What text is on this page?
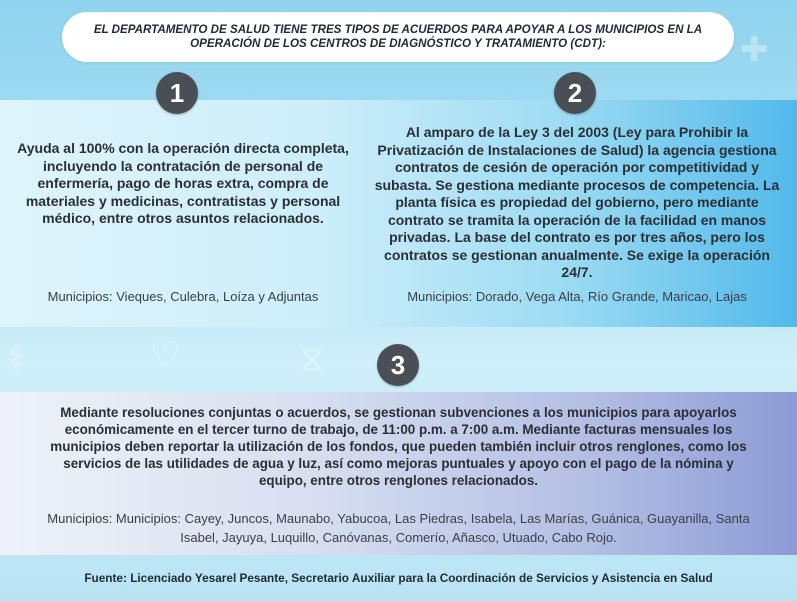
⚕	♡	⧖
✚
EL DEPARTAMENTO DE SALUD TIENE TRES TIPOS DE ACUERDOS PARA APOYAR A LOS MUNICIPIOS EN LA OPERACIÓN DE LOS CENTROS DE DIAGNÓSTICO Y TRATAMIENTO (CDT):
1
Ayuda al 100% con la operación directa completa, incluyendo la contratación de personal de enfermería, pago de horas extra, compra de materiales y medicinas, contratistas y personal médico, entre otros asuntos relacionados.
Municipios: Vieques, Culebra, Loíza y Adjuntas
2
Al amparo de la Ley 3 del 2003 (Ley para Prohibir la Privatización de Instalaciones de Salud) la agencia gestiona contratos de cesión de operación por competitividad y subasta. Se gestiona mediante procesos de competencia. La planta física es propiedad del gobierno, pero mediante contrato se tramita la operación de la facilidad en manos privadas. La base del contrato es por tres años, pero los contratos se gestionan anualmente. Se exige la operación 24/7.
Municipios: Dorado, Vega Alta, Río Grande, Maricao, Lajas
3
Mediante resoluciones conjuntas o acuerdos, se gestionan subvenciones a los municipios para apoyarlos económicamente en el tercer turno de trabajo, de 11:00 p.m. a 7:00 a.m. Mediante facturas mensuales los municipios deben reportar la utilización de los fondos, que pueden también incluir otros renglones, como los servicios de las utilidades de agua y luz, así como mejoras puntuales y apoyo con el pago de la nómina y equipo, entre otros renglones relacionados.
Municipios: Municipios: Cayey, Juncos, Maunabo, Yabucoa, Las Piedras, Isabela, Las Marías, Guánica, Guayanilla, Santa Isabel, Jayuya, Luquillo, Canóvanas, Comerío, Añasco, Utuado, Cabo Rojo.
Fuente: Licenciado Yesarel Pesante, Secretario Auxiliar para la Coordinación de Servicios y Asistencia en Salud
